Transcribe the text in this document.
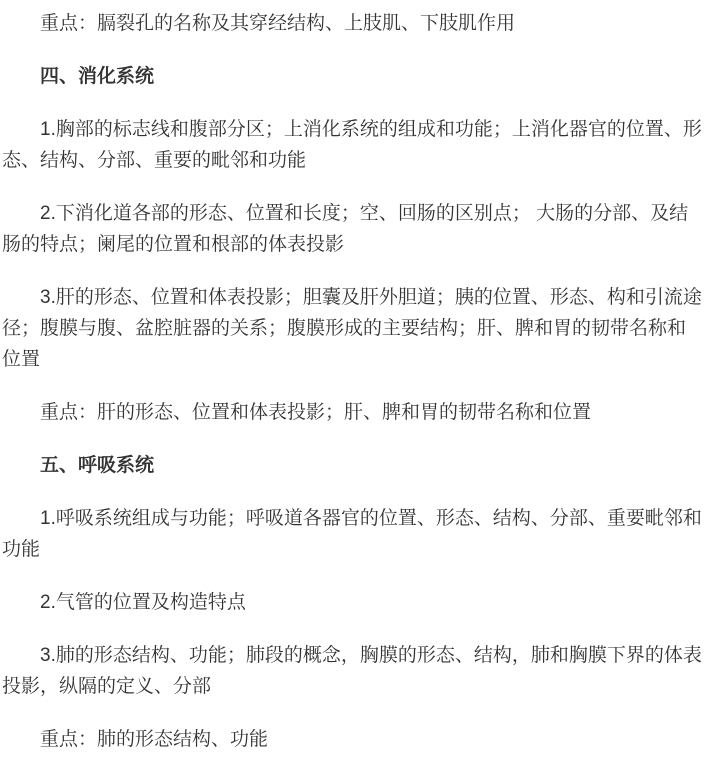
重点：膈裂孔的名称及其穿经结构、上肢肌、下肢肌作用

四、消化系统

1.胸部的标志线和腹部分区；上消化系统的组成和功能；上消化器官的位置、形态、结构、分部、重要的毗邻和功能

2.下消化道各部的形态、位置和长度；空、回肠的区别点； 大肠的分部、及结肠的特点；阑尾的位置和根部的体表投影

3.肝的形态、位置和体表投影；胆囊及肝外胆道；胰的位置、形态、构和引流途径；腹膜与腹、盆腔脏器的关系；腹膜形成的主要结构；肝、脾和胃的韧带名称和位置

重点：肝的形态、位置和体表投影；肝、脾和胃的韧带名称和位置

五、呼吸系统

1.呼吸系统组成与功能；呼吸道各器官的位置、形态、结构、分部、重要毗邻和功能

2.气管的位置及构造特点

3.肺的形态结构、功能；肺段的概念，胸膜的形态、结构，肺和胸膜下界的体表投影，纵隔的定义、分部

重点：肺的形态结构、功能
